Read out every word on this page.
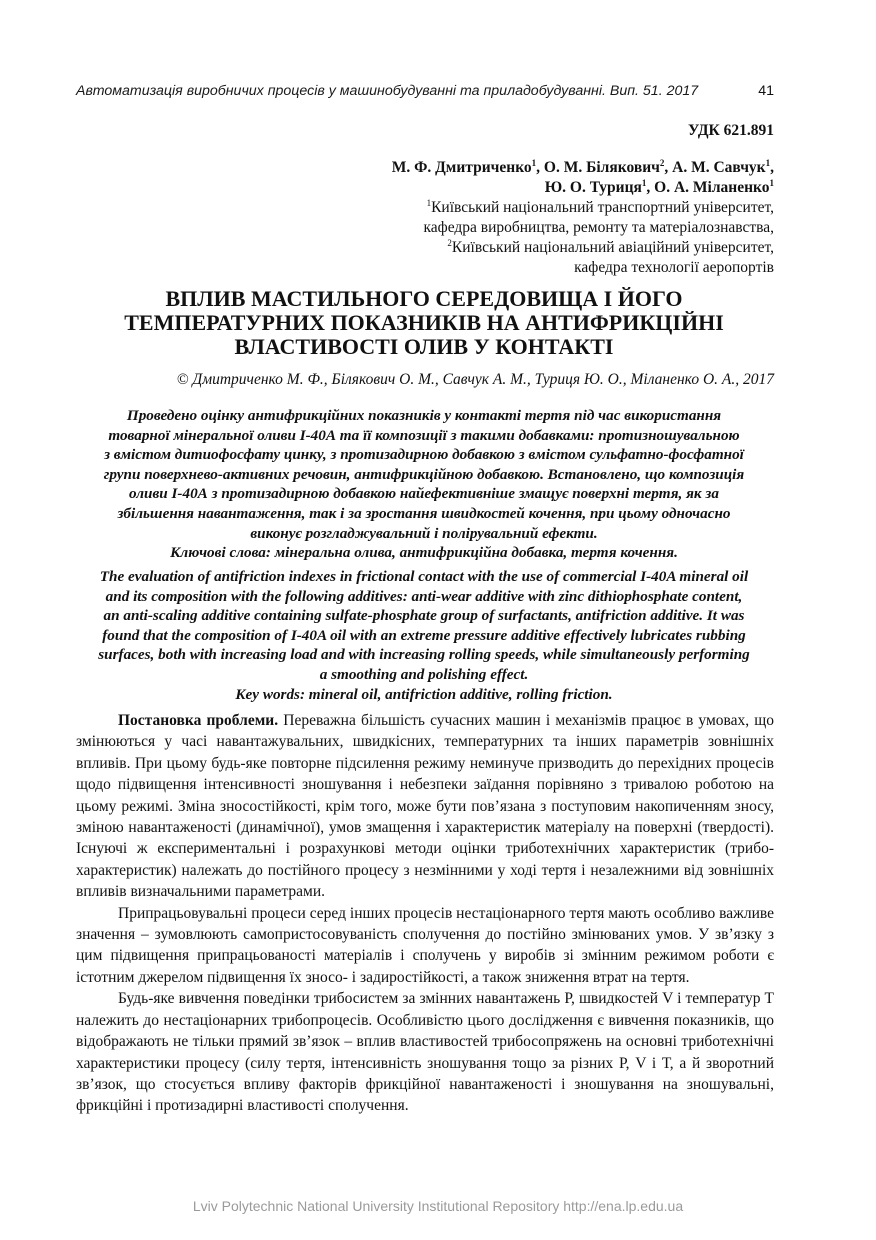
Автоматизація виробничих процесів у машинобудуванні та приладобудуванні. Вип. 51. 2017	41
УДК 621.891
М. Ф. Дмитриченко$^1$, О. М. Білякович$^2$, А. М. Савчук$^1$,
Ю. О. Туриця$^1$, О. А. Міланенко$^1$
$^1$Київський національний транспортний університет,
кафедра виробництва, ремонту та матеріалознавства,
$^2$Київський національний авіаційний університет,
кафедра технології аеропортів
ВПЛИВ МАСТИЛЬНОГО СЕРЕДОВИЩА І ЙОГО
ТЕМПЕРАТУРНИХ ПОКАЗНИКІВ НА АНТИФРИКЦІЙНІ
ВЛАСТИВОСТІ ОЛИВ У КОНТАКТІ
© Дмитриченко М. Ф., Білякович О. М., Савчук А. М., Туриця Ю. О., Міланенко О. А., 2017
Проведено оцінку антифрикційних показників у контакті тертя під час використання
товарної мінеральної оливи І-40А та її композиції з такими добавками: протизношувальною
з вмістом дитиофосфату цинку, з протизадирною добавкою з вмістом сульфатно-фосфатної
групи поверхнево-активних речовин, антифрикційною добавкою. Встановлено, що композиція
оливи І-40А з протизадирною добавкою найефективніше змащує поверхні тертя, як за
збільшення навантаження, так і за зростання швидкостей кочення, при цьому одночасно
виконує розгладжувальний і полірувальний ефекти.
Ключові слова: мінеральна олива, антифрикційна добавка, тертя кочення.
The evaluation of antifriction indexes in frictional contact with the use of commercial I-40A mineral oil
and its composition with the following additives: anti-wear additive with zinc dithiophosphate content,
an anti-scaling additive containing sulfate-phosphate group of surfactants, antifriction additive. It was
found that the composition of I-40A oil with an extreme pressure additive effectively lubricates rubbing
surfaces, both with increasing load and with increasing rolling speeds, while simultaneously performing
a smoothing and polishing effect.
Key words: mineral oil, antifriction additive, rolling friction.

Постановка проблеми. Переважна більшість сучасних машин і механізмів працює в умовах, що змінюються у часі навантажувальних, швидкісних, температурних та інших параметрів зовнішніх впливів. При цьому будь-яке повторне підсилення режиму неминуче призводить до перехідних процесів щодо підвищення інтенсивності зношування і небезпеки заїдання порівняно з тривалою роботою на цьому режимі. Зміна зносостійкості, крім того, може бути пов’язана з поступовим накопиченням зносу, зміною навантаженості (динамічної), умов змащення і характеристик матеріалу на поверхні (твердості). Існуючі ж експериментальні і розрахункові методи оцінки триботехнічних характеристик (трибо-характеристик) належать до постійного процесу з незмінними у ході тертя і незалежними від зовнішніх впливів визначальними параметрами.

Припрацьовувальні процеси серед інших процесів нестаціонарного тертя мають особливо важливе значення – зумовлюють самопристосовуваність сполучення до постійно змінюваних умов. У зв’язку з цим підвищення припрацьованості матеріалів і сполучень у виробів зі змінним режимом роботи є істотним джерелом підвищення їх зносо- і задиростійкості, а також зниження втрат на тертя.

Будь-яке вивчення поведінки трибосистем за змінних навантажень Р, швидкостей V і температур Т належить до нестаціонарних трибопроцесів. Особливістю цього дослідження є вивчення показників, що відображають не тільки прямий зв’язок – вплив властивостей трибосопряжень на основні триботехнічні характеристики процесу (силу тертя, інтенсивність зношування тощо за різних Р, V і Т, а й зворотний зв’язок, що стосується впливу факторів фрикційної навантаженості і зношування на зношувальні, фрикційні і протизадирні властивості сполучення.

Lviv Polytechnic National University Institutional Repository http://ena.lp.edu.ua
